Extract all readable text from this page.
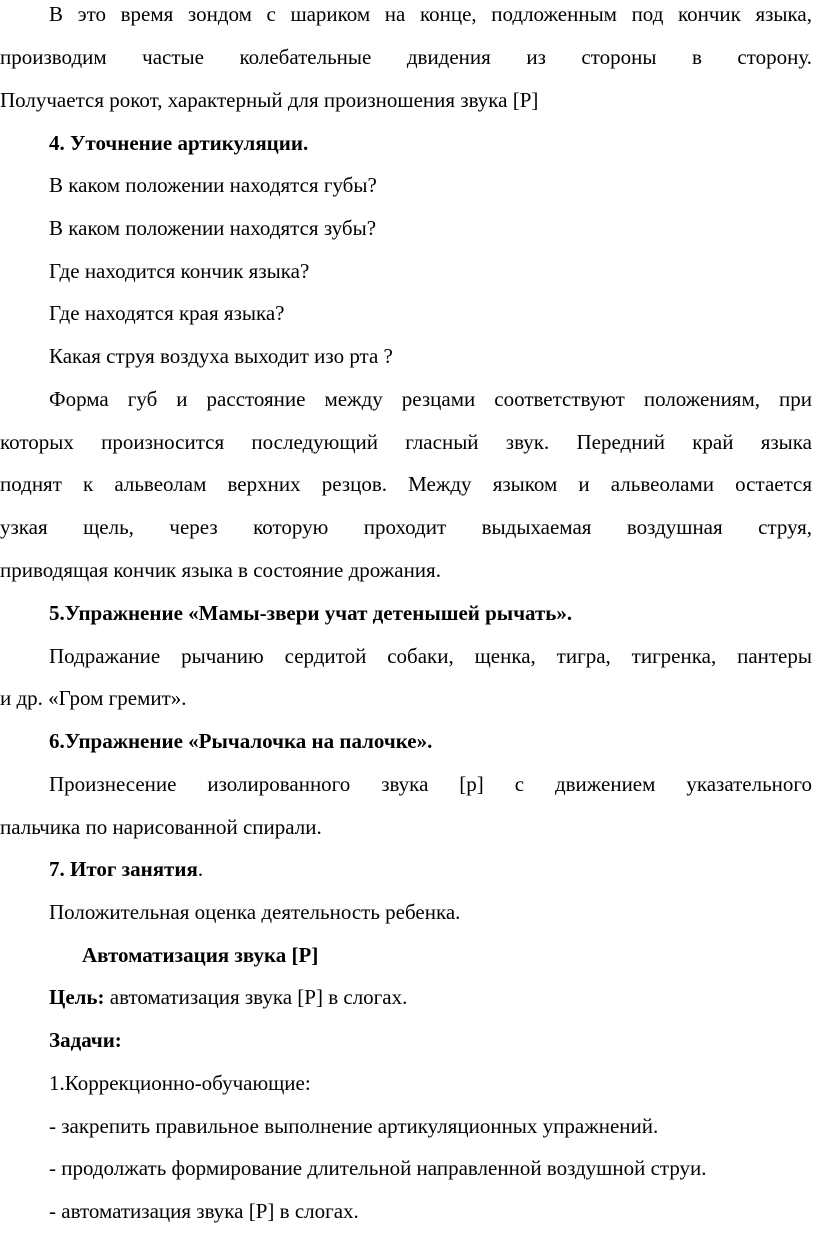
В это время зондом с шариком на конце, подложенным под кончик языка,
производим частые колебательные двидения из стороны в сторону.
Получается рокот, характерный для произношения звука [Р]
4. Уточнение артикуляции.
В каком положении находятся губы?
В каком положении находятся зубы?
Где находится кончик языка?
Где находятся края языка?
Какая струя воздуха выходит изо рта ?
Форма губ и расстояние между резцами соответствуют положениям, при
которых произносится последующий гласный звук. Передний край языка
поднят к альвеолам верхних резцов. Между языком и альвеолами остается
узкая щель, через которую проходит выдыхаемая воздушная струя,
приводящая кончик языка в состояние дрожания.
5.Упражнение «Мамы-звери учат детенышей рычать».
Подражание рычанию сердитой собаки, щенка, тигра, тигренка, пантеры
и др. «Гром гремит».
6.Упражнение «Рычалочка на палочке».
Произнесение изолированного звука [р] с движением указательного
пальчика по нарисованной спирали.
7. Итог занятия.
Положительная оценка деятельность ребенка.
Автоматизация звука [Р]
Цель: автоматизация звука [Р] в слогах.
Задачи:
1.Коррекционно-обучающие:
- закрепить правильное выполнение артикуляционных упражнений.
- продолжать формирование длительной направленной воздушной струи.
- автоматизация звука [Р] в слогах.
